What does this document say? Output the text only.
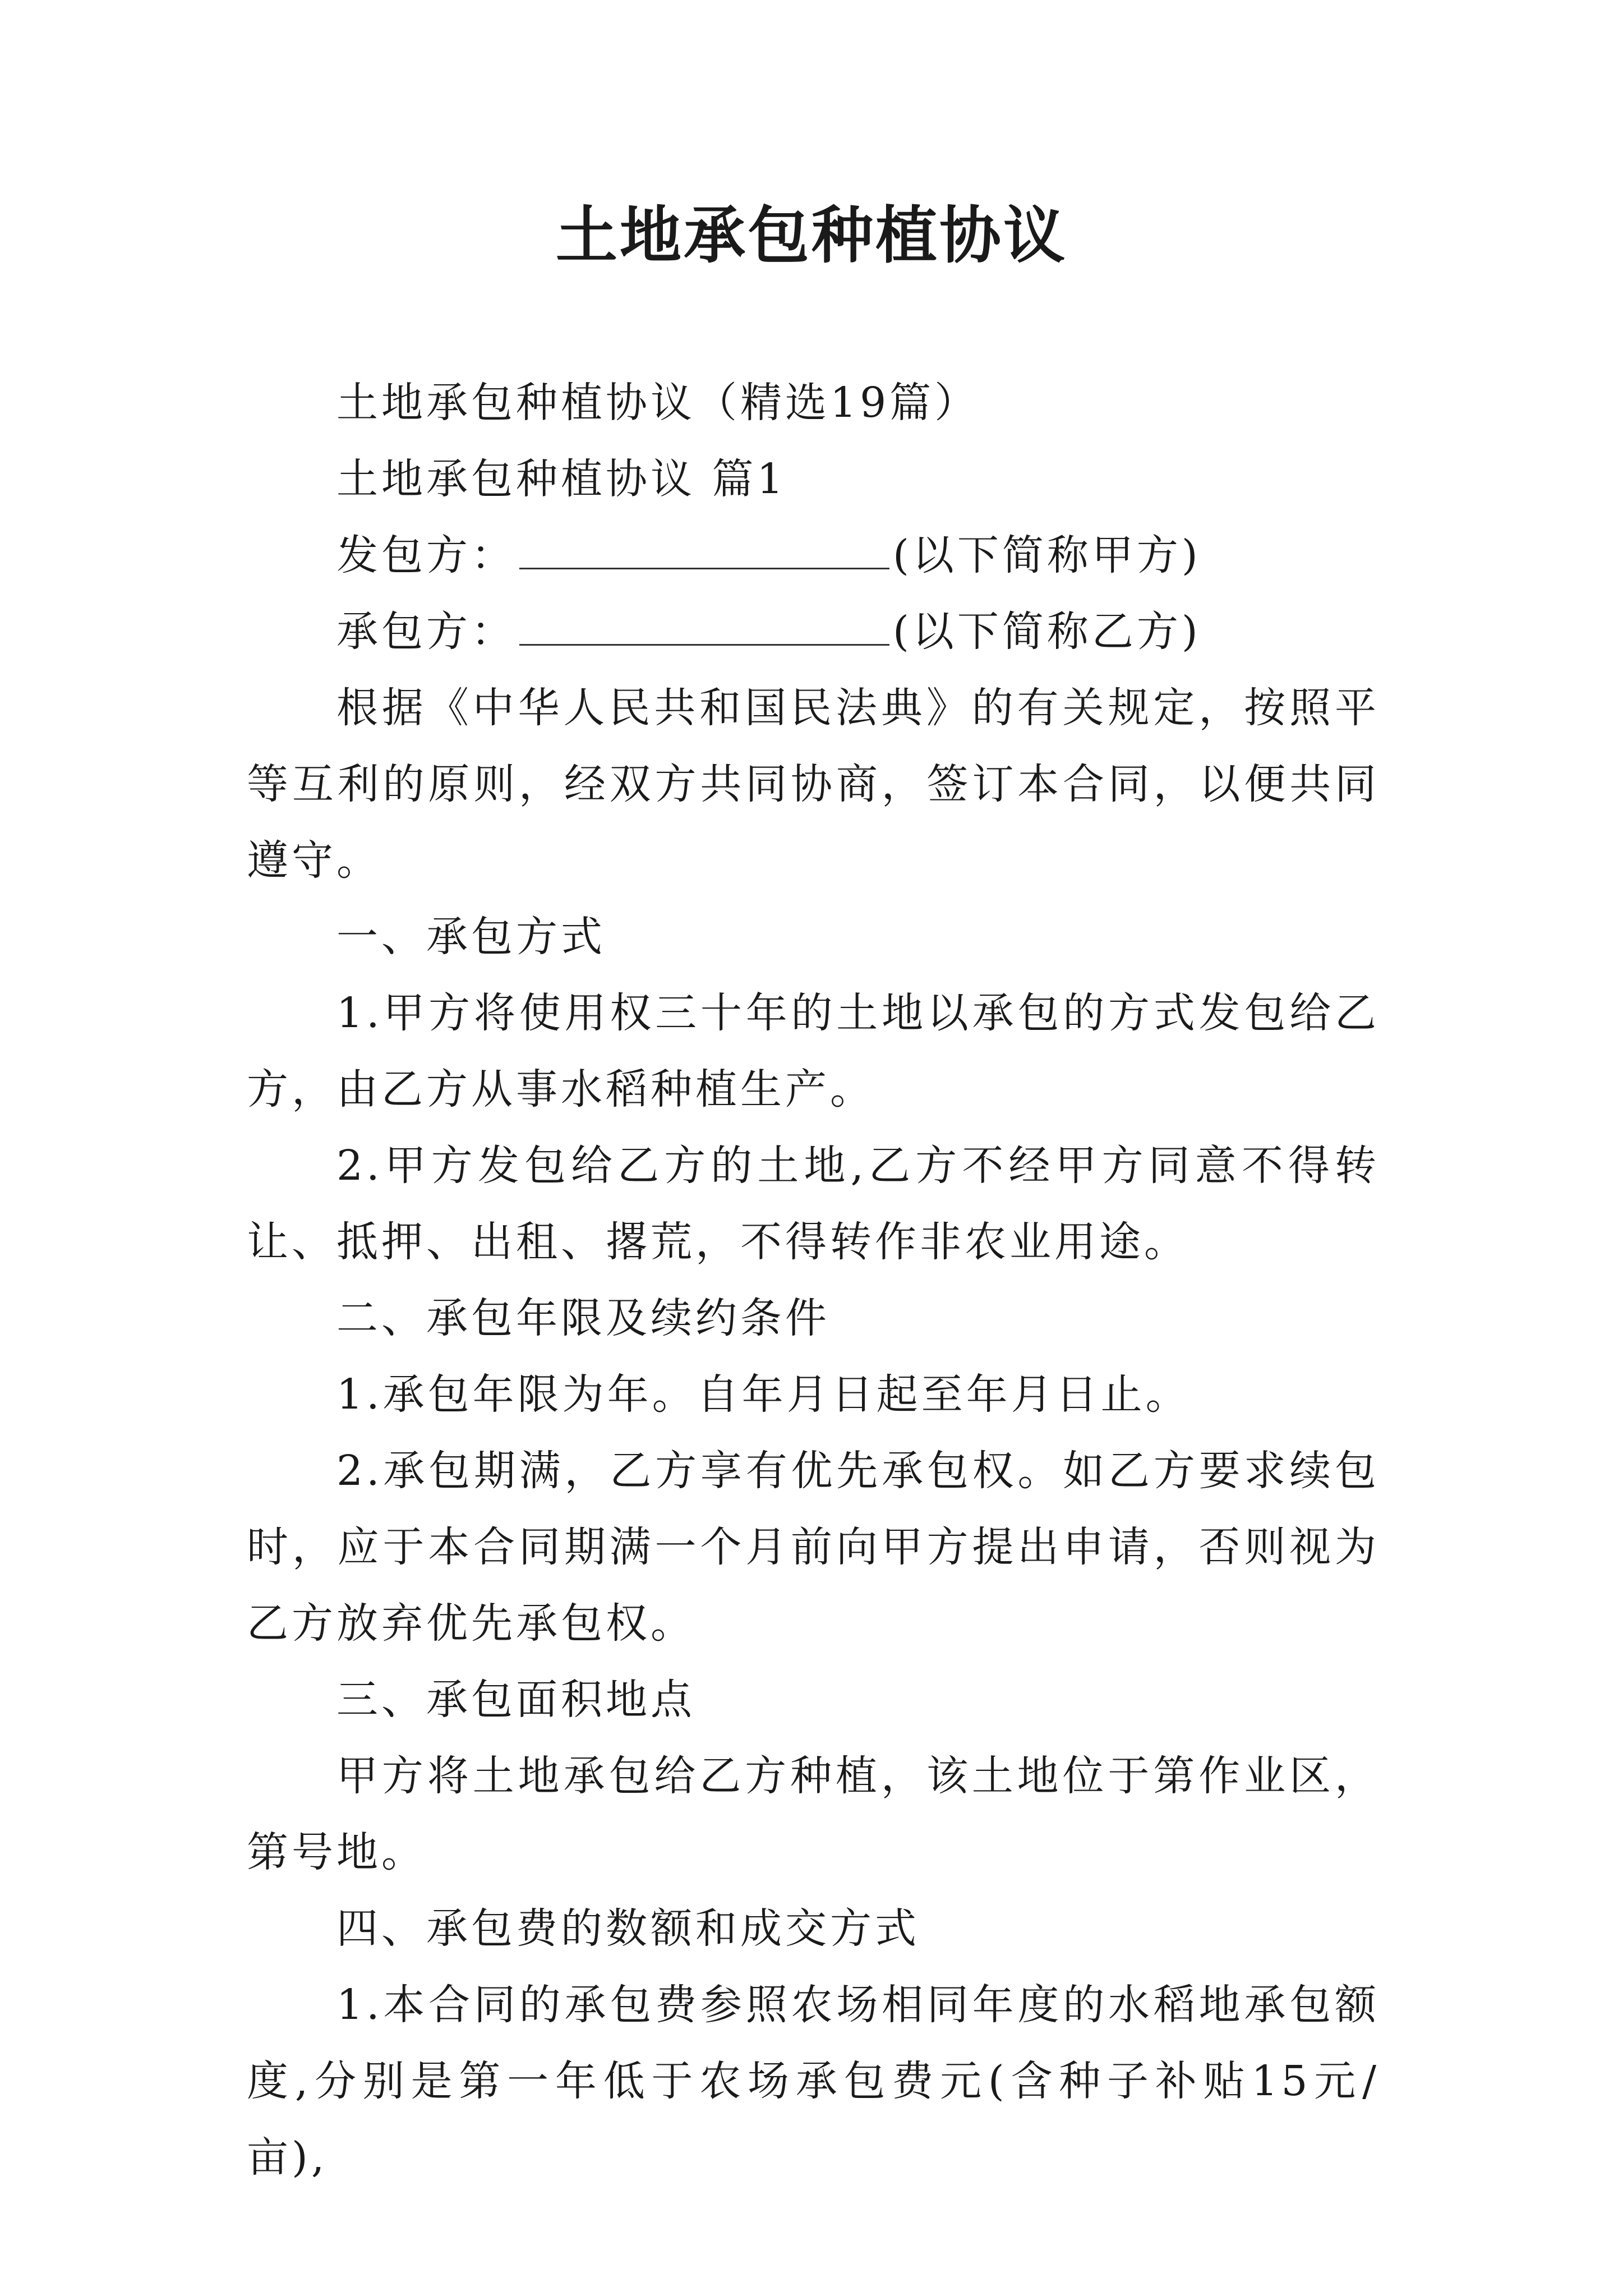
土地承包种植协议

土地承包种植协议（精选19篇）

土地承包种植协议 篇1

发包方：	(以下简称甲方)

承包方：	(以下简称乙方)

根据《中华人民共和国民法典》的有关规定，按照平等互利的原则，经双方共同协商，签订本合同，以便共同遵守。

一、承包方式

1.甲方将使用权三十年的土地以承包的方式发包给乙方，由乙方从事水稻种植生产。

2.甲方发包给乙方的土地,乙方不经甲方同意不得转让、抵押、出租、撂荒，不得转作非农业用途。

二、承包年限及续约条件

1.承包年限为年。自年月日起至年月日止。

2.承包期满，乙方享有优先承包权。如乙方要求续包时，应于本合同期满一个月前向甲方提出申请，否则视为乙方放弃优先承包权。

三、承包面积地点

甲方将土地承包给乙方种植，该土地位于第作业区，第号地。

四、承包费的数额和成交方式

1.本合同的承包费参照农场相同年度的水稻地承包额度,分别是第一年低于农场承包费元(含种子补贴15元/亩),
